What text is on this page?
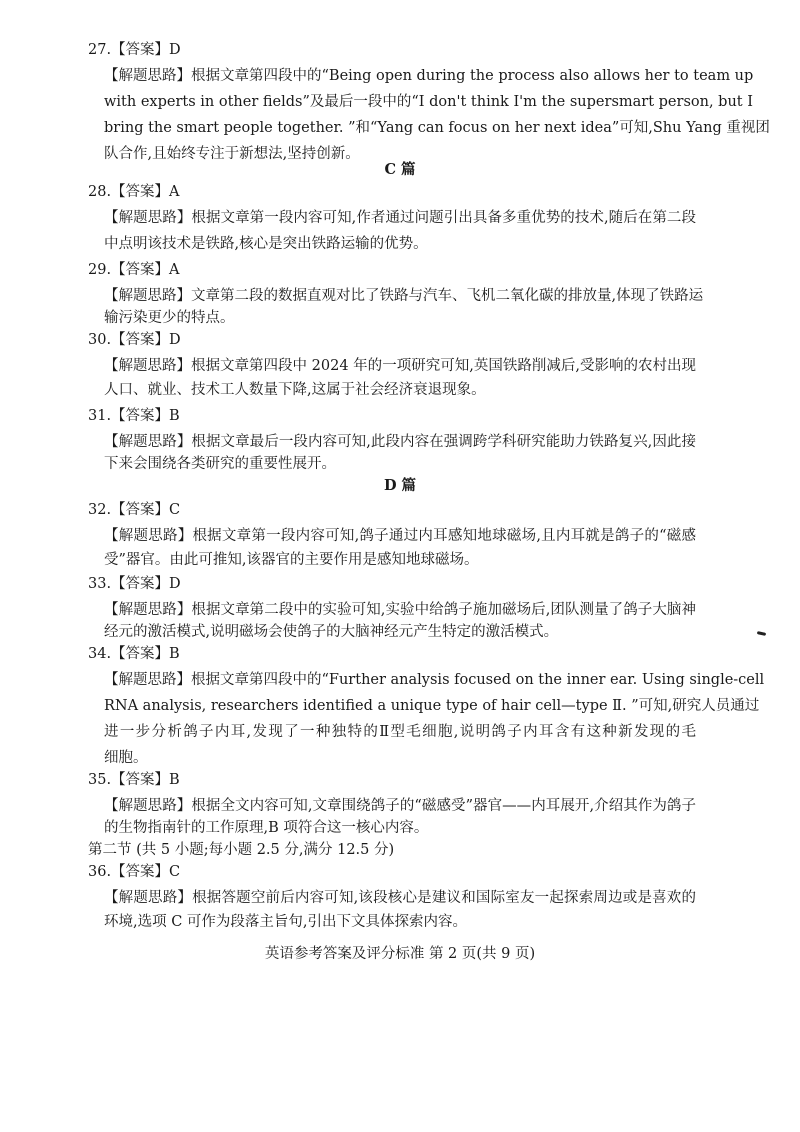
27.【答案】D
【解题思路】根据文章第四段中的“Being open during the process also allows her to team up
with experts in other fields”及最后一段中的“I don't think I'm the supersmart person, but I
bring the smart people together. ”和“Yang can focus on her next idea”可知,Shu Yang 重视团
队合作,且始终专注于新想法,坚持创新。
C 篇
28.【答案】A
【解题思路】根据文章第一段内容可知,作者通过问题引出具备多重优势的技术,随后在第二段
中点明该技术是铁路,核心是突出铁路运输的优势。
29.【答案】A
【解题思路】文章第二段的数据直观对比了铁路与汽车、飞机二氧化碳的排放量,体现了铁路运
输污染更少的特点。
30.【答案】D
【解题思路】根据文章第四段中 2024 年的一项研究可知,英国铁路削减后,受影响的农村出现
人口、就业、技术工人数量下降,这属于社会经济衰退现象。
31.【答案】B
【解题思路】根据文章最后一段内容可知,此段内容在强调跨学科研究能助力铁路复兴,因此接
下来会围绕各类研究的重要性展开。
D 篇
32.【答案】C
【解题思路】根据文章第一段内容可知,鸽子通过内耳感知地球磁场,且内耳就是鸽子的“磁感
受”器官。由此可推知,该器官的主要作用是感知地球磁场。
33.【答案】D
【解题思路】根据文章第二段中的实验可知,实验中给鸽子施加磁场后,团队测量了鸽子大脑神
经元的激活模式,说明磁场会使鸽子的大脑神经元产生特定的激活模式。
34.【答案】B
【解题思路】根据文章第四段中的“Further analysis focused on the inner ear. Using single-cell
RNA analysis, researchers identified a unique type of hair cell—type Ⅱ. ”可知,研究人员通过
进一步分析鸽子内耳,发现了一种独特的Ⅱ型毛细胞,说明鸽子内耳含有这种新发现的毛
细胞。
35.【答案】B
【解题思路】根据全文内容可知,文章围绕鸽子的“磁感受”器官——内耳展开,介绍其作为鸽子
的生物指南针的工作原理,B 项符合这一核心内容。
第二节 (共 5 小题;每小题 2.5 分,满分 12.5 分)
36.【答案】C
【解题思路】根据答题空前后内容可知,该段核心是建议和国际室友一起探索周边或是喜欢的
环境,选项 C 可作为段落主旨句,引出下文具体探索内容。
英语参考答案及评分标准 第 2 页(共 9 页)
